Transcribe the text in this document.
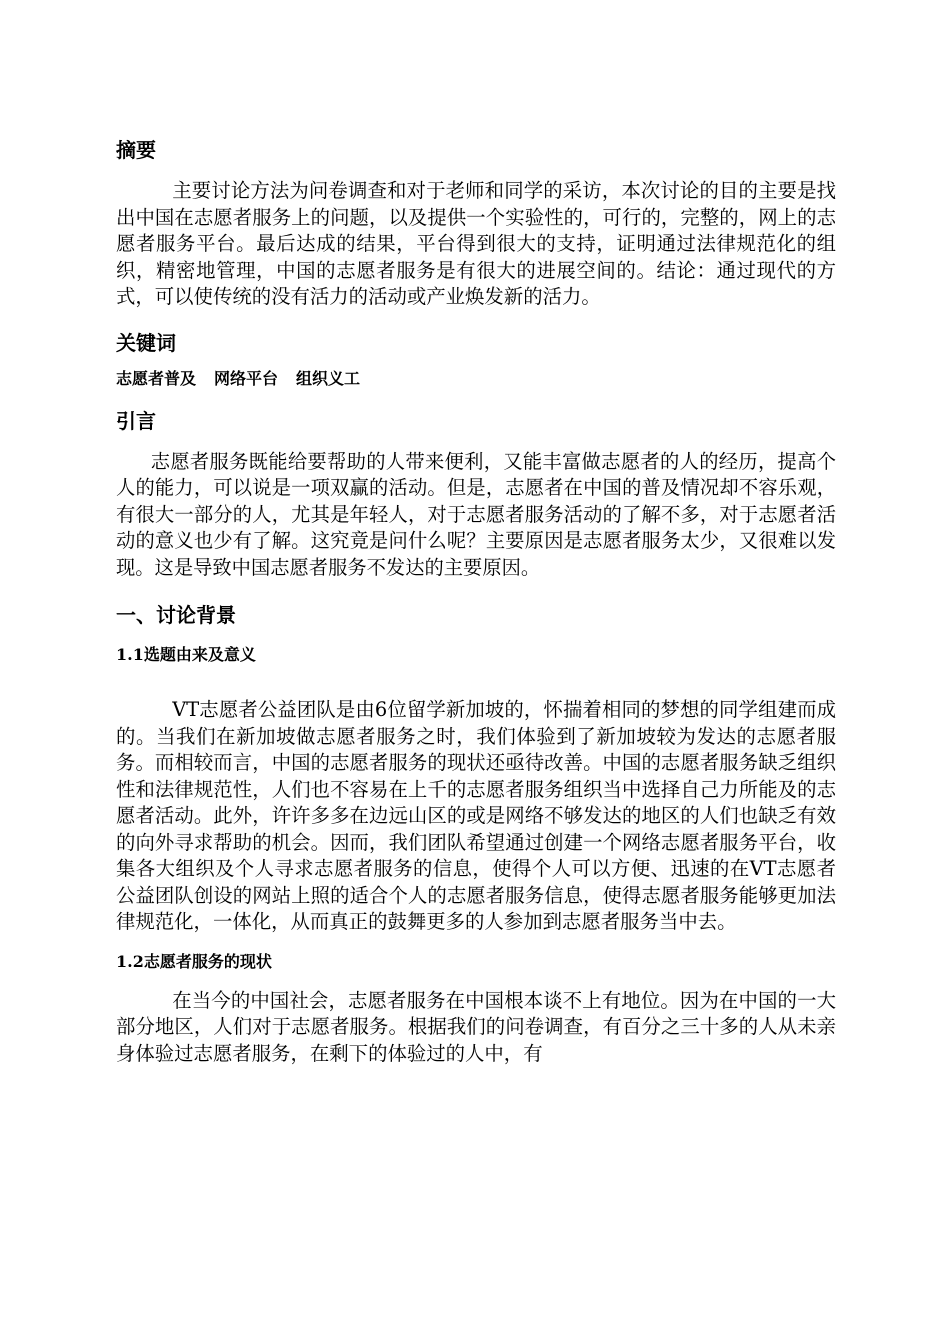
摘要

主要讨论方法为问卷调查和对于老师和同学的采访，本次讨论的目的主要是找出中国在志愿者服务上的问题，以及提供一个实验性的，可行的，完整的，网上的志愿者服务平台。最后达成的结果，平台得到很大的支持，证明通过法律规范化的组织，精密地管理，中国的志愿者服务是有很大的进展空间的。结论：通过现代的方式，可以使传统的没有活力的活动或产业焕发新的活力。

关键词

志愿者普及 网络平台 组织义工

引言

志愿者服务既能给要帮助的人带来便利，又能丰富做志愿者的人的经历，提高个人的能力，可以说是一项双赢的活动。但是，志愿者在中国的普及情况却不容乐观，有很大一部分的人，尤其是年轻人，对于志愿者服务活动的了解不多，对于志愿者活动的意义也少有了解。这究竟是问什么呢？主要原因是志愿者服务太少，又很难以发现。这是导致中国志愿者服务不发达的主要原因。

一、讨论背景
1.1选题由来及意义

VT志愿者公益团队是由6位留学新加坡的，怀揣着相同的梦想的同学组建而成的。当我们在新加坡做志愿者服务之时，我们体验到了新加坡较为发达的志愿者服务。而相较而言，中国的志愿者服务的现状还亟待改善。中国的志愿者服务缺乏组织性和法律规范性，人们也不容易在上千的志愿者服务组织当中选择自己力所能及的志愿者活动。此外，许许多多在边远山区的或是网络不够发达的地区的人们也缺乏有效的向外寻求帮助的机会。因而，我们团队希望通过创建一个网络志愿者服务平台，收集各大组织及个人寻求志愿者服务的信息，使得个人可以方便、迅速的在VT志愿者公益团队创设的网站上照的适合个人的志愿者服务信息，使得志愿者服务能够更加法律规范化，一体化，从而真正的鼓舞更多的人参加到志愿者服务当中去。

1.2志愿者服务的现状

在当今的中国社会，志愿者服务在中国根本谈不上有地位。因为在中国的一大部分地区，人们对于志愿者服务。根据我们的问卷调查，有百分之三十多的人从未亲身体验过志愿者服务，在剩下的体验过的人中，有
